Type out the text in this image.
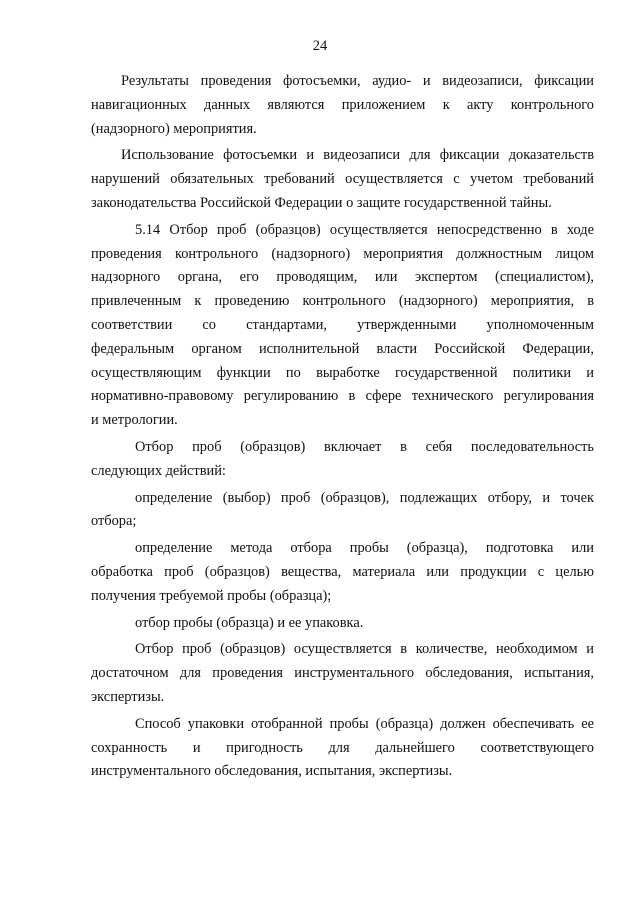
24

Результаты проведения фотосъемки, аудио- и видеозаписи, фиксации
навигационных данных являются приложением к акту контрольного
(надзорного) мероприятия.

Использование фотосъемки и видеозаписи для фиксации доказательств
нарушений обязательных требований осуществляется с учетом требований
законодательства Российской Федерации о защите государственной тайны.

5.14 Отбор проб (образцов) осуществляется непосредственно в ходе
проведения контрольного (надзорного) мероприятия должностным лицом
надзорного органа, его проводящим, или экспертом (специалистом),
привлеченным к проведению контрольного (надзорного) мероприятия, в
соответствии со стандартами, утвержденными уполномоченным
федеральным органом исполнительной власти Российской Федерации,
осуществляющим функции по выработке государственной политики и
нормативно-правовому регулированию в сфере технического регулирования
и метрологии.

Отбор проб (образцов) включает в себя последовательность
следующих действий:

определение (выбор) проб (образцов), подлежащих отбору, и точек
отбора;

определение метода отбора пробы (образца), подготовка или
обработка проб (образцов) вещества, материала или продукции с целью
получения требуемой пробы (образца);

отбор пробы (образца) и ее упаковка.

Отбор проб (образцов) осуществляется в количестве, необходимом и
достаточном для проведения инструментального обследования, испытания,
экспертизы.

Способ упаковки отобранной пробы (образца) должен обеспечивать ее
сохранность и пригодность для дальнейшего соответствующего
инструментального обследования, испытания, экспертизы.
